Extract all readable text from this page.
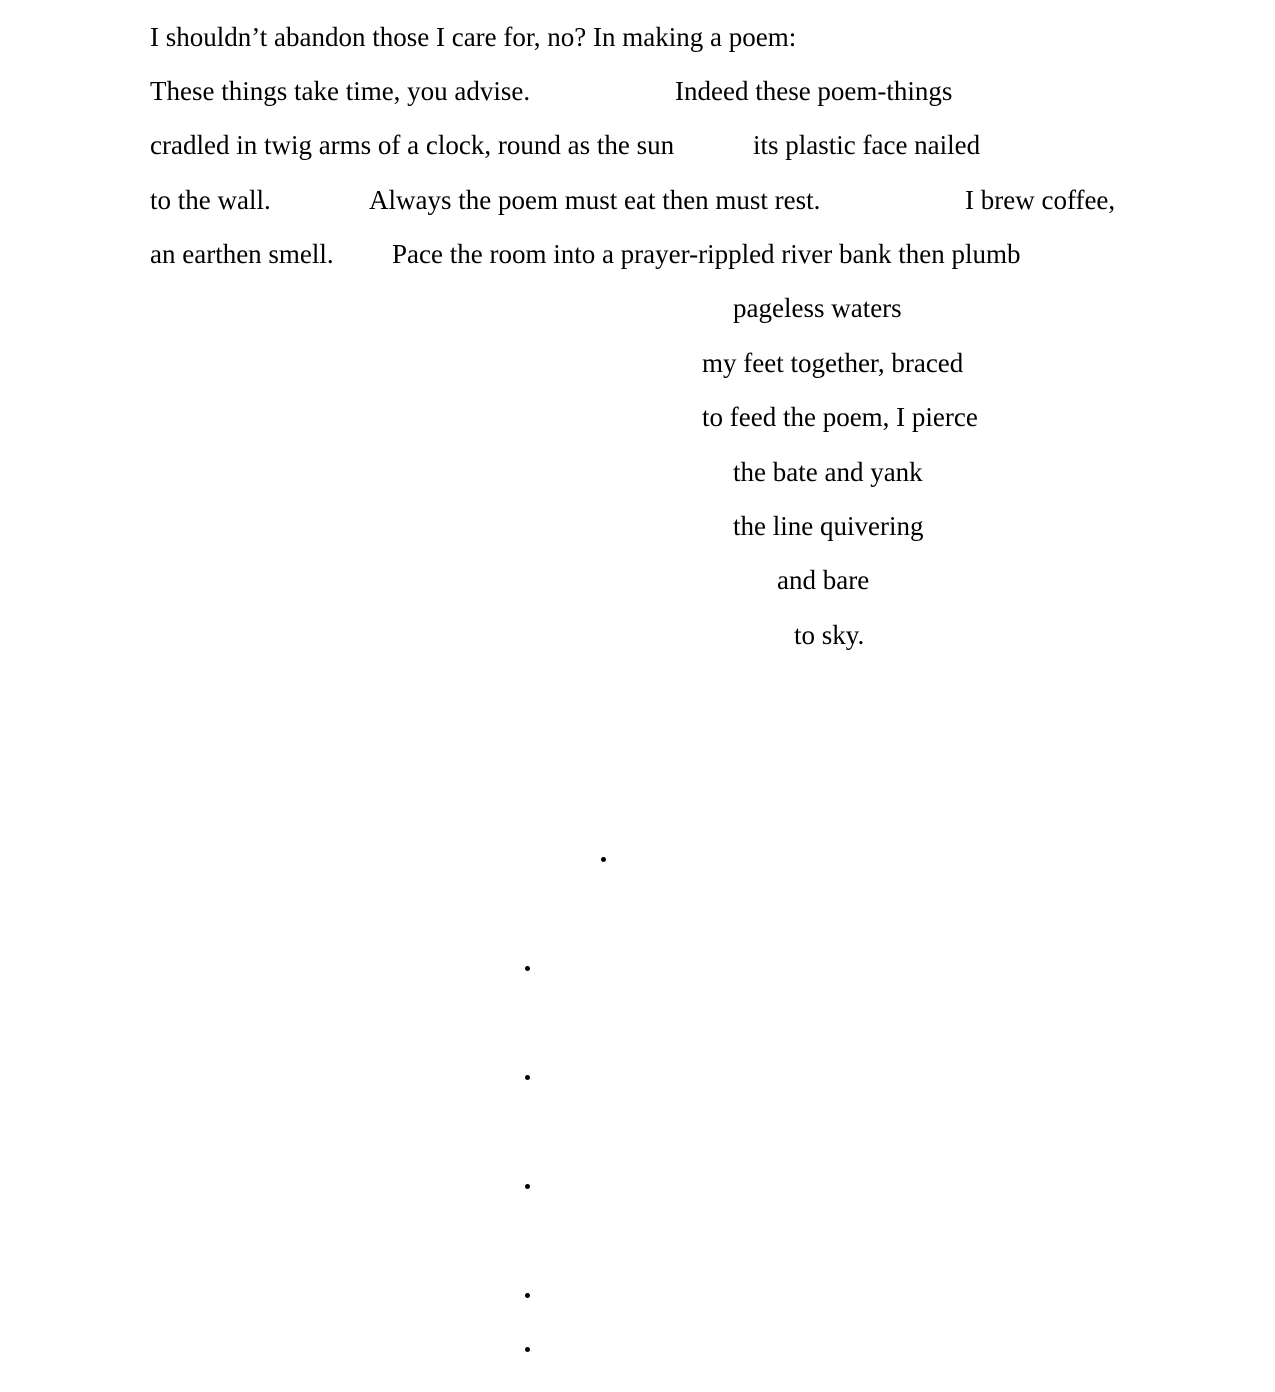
I shouldn’t abandon those I care for, no? In making a poem:
These things take time, you advise.	Indeed these poem-things
cradled in twig arms of a clock, round as the sun	its plastic face nailed
to the wall.	Always the poem must eat then must rest.	I brew coffee,
an earthen smell. Pace the room into a prayer-rippled river bank then plumb
pageless waters
my feet together, braced
to feed the poem, I pierce
the bate and yank
the line quivering
and bare
to sky.
